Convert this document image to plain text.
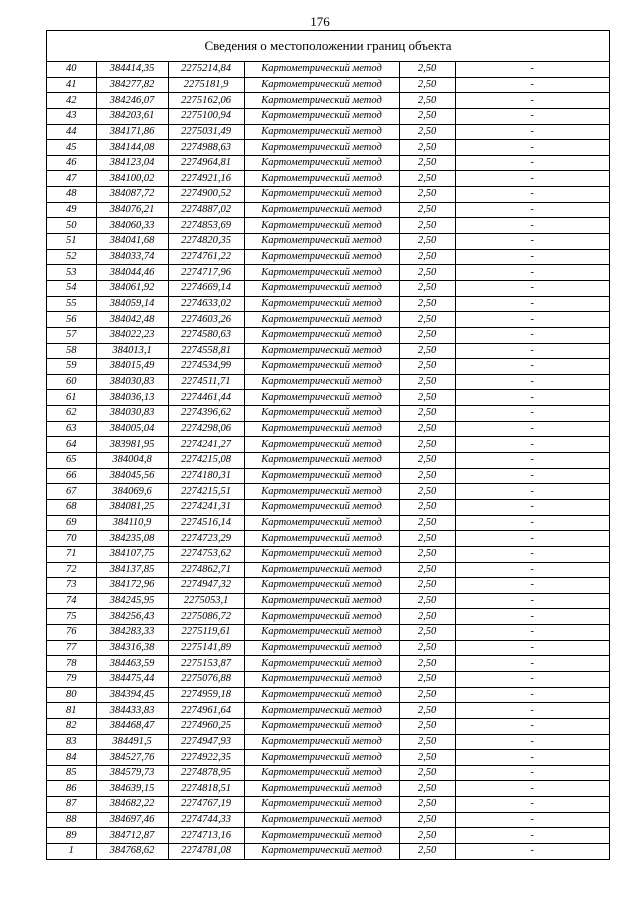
176
Сведения о местоположении границ объекта
40	384414,35	2275214,84	Картометрический метод	2,50	-
41	384277,82	2275181,9	Картометрический метод	2,50	-
42	384246,07	2275162,06	Картометрический метод	2,50	-
43	384203,61	2275100,94	Картометрический метод	2,50	-
44	384171,86	2275031,49	Картометрический метод	2,50	-
45	384144,08	2274988,63	Картометрический метод	2,50	-
46	384123,04	2274964,81	Картометрический метод	2,50	-
47	384100,02	2274921,16	Картометрический метод	2,50	-
48	384087,72	2274900,52	Картометрический метод	2,50	-
49	384076,21	2274887,02	Картометрический метод	2,50	-
50	384060,33	2274853,69	Картометрический метод	2,50	-
51	384041,68	2274820,35	Картометрический метод	2,50	-
52	384033,74	2274761,22	Картометрический метод	2,50	-
53	384044,46	2274717,96	Картометрический метод	2,50	-
54	384061,92	2274669,14	Картометрический метод	2,50	-
55	384059,14	2274633,02	Картометрический метод	2,50	-
56	384042,48	2274603,26	Картометрический метод	2,50	-
57	384022,23	2274580,63	Картометрический метод	2,50	-
58	384013,1	2274558,81	Картометрический метод	2,50	-
59	384015,49	2274534,99	Картометрический метод	2,50	-
60	384030,83	2274511,71	Картометрический метод	2,50	-
61	384036,13	2274461,44	Картометрический метод	2,50	-
62	384030,83	2274396,62	Картометрический метод	2,50	-
63	384005,04	2274298,06	Картометрический метод	2,50	-
64	383981,95	2274241,27	Картометрический метод	2,50	-
65	384004,8	2274215,08	Картометрический метод	2,50	-
66	384045,56	2274180,31	Картометрический метод	2,50	-
67	384069,6	2274215,51	Картометрический метод	2,50	-
68	384081,25	2274241,31	Картометрический метод	2,50	-
69	384110,9	2274516,14	Картометрический метод	2,50	-
70	384235,08	2274723,29	Картометрический метод	2,50	-
71	384107,75	2274753,62	Картометрический метод	2,50	-
72	384137,85	2274862,71	Картометрический метод	2,50	-
73	384172,96	2274947,32	Картометрический метод	2,50	-
74	384245,95	2275053,1	Картометрический метод	2,50	-
75	384256,43	2275086,72	Картометрический метод	2,50	-
76	384283,33	2275119,61	Картометрический метод	2,50	-
77	384316,38	2275141,89	Картометрический метод	2,50	-
78	384463,59	2275153,87	Картометрический метод	2,50	-
79	384475,44	2275076,88	Картометрический метод	2,50	-
80	384394,45	2274959,18	Картометрический метод	2,50	-
81	384433,83	2274961,64	Картометрический метод	2,50	-
82	384468,47	2274960,25	Картометрический метод	2,50	-
83	384491,5	2274947,93	Картометрический метод	2,50	-
84	384527,76	2274922,35	Картометрический метод	2,50	-
85	384579,73	2274878,95	Картометрический метод	2,50	-
86	384639,15	2274818,51	Картометрический метод	2,50	-
87	384682,22	2274767,19	Картометрический метод	2,50	-
88	384697,46	2274744,33	Картометрический метод	2,50	-
89	384712,87	2274713,16	Картометрический метод	2,50	-
1	384768,62	2274781,08	Картометрический метод	2,50	-
